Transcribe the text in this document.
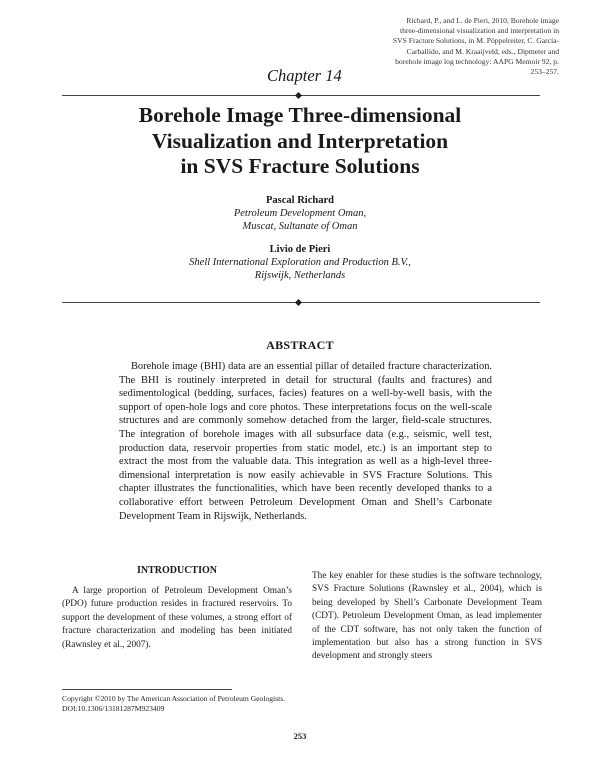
Richard, P., and L. de Pieri, 2010, Borehole image three-dimensional visualization and interpretation in SVS Fracture Solutions, in M. Pöppelreiter, C. García-Carballido, and M. Kraaijveld, eds., Dipmeter and borehole image log technology: AAPG Memoir 92, p. 253–257.
Chapter 14
Borehole Image Three-dimensional
Visualization and Interpretation
in SVS Fracture Solutions
Pascal Richard
Petroleum Development Oman,
Muscat, Sultanate of Oman
Livio de Pieri
Shell International Exploration and Production B.V.,
Rijswijk, Netherlands
ABSTRACT
Borehole image (BHI) data are an essential pillar of detailed fracture characterization. The BHI is routinely interpreted in detail for structural (faults and fractures) and sedimentological (bedding, surfaces, facies) features on a well-by-well basis, with the support of open-hole logs and core photos. These interpretations focus on the well-scale structures and are commonly somehow detached from the larger, field-scale structures. The integration of borehole images with all subsurface data (e.g., seismic, well test, production data, reservoir properties from static model, etc.) is an important step to extract the most from the valuable data. This integration as well as a high-level three-dimensional interpretation is now easily achievable in SVS Fracture Solutions. This chapter illustrates the functionalities, which have been recently developed thanks to a collaborative effort between Petroleum Development Oman and Shell’s Carbonate Development Team in Rijswijk, Netherlands.
INTRODUCTION
A large proportion of Petroleum Development Oman’s (PDO) future production resides in fractured reservoirs. To support the development of these volumes, a strong effort of fracture characterization and modeling has been initiated (Rawnsley et al., 2007).
The key enabler for these studies is the software technology, SVS Fracture Solutions (Rawnsley et al., 2004), which is being developed by Shell’s Carbonate Development Team (CDT). Petroleum Development Oman, as lead implementer of the CDT software, has not only taken the function of implementation but also has a strong function in SVS development and strongly steers
Copyright ©2010 by The American Association of Petroleum Geologists.
DOI:10.1306/13181287M923409
253
